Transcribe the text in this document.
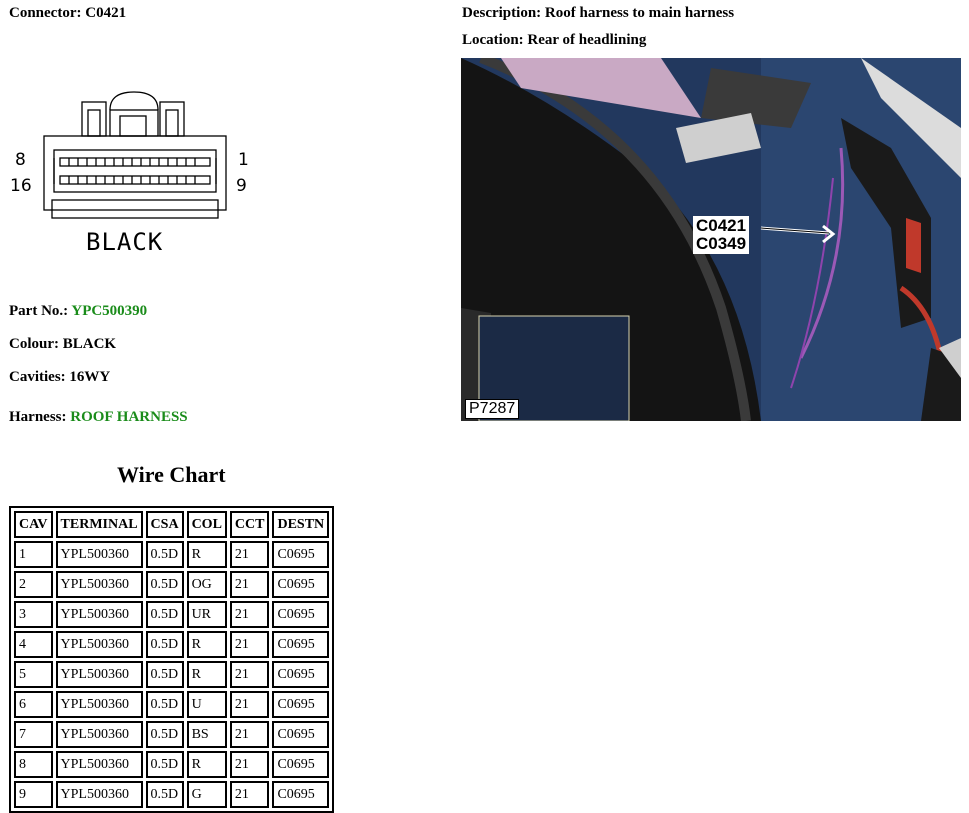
Connector: C0421	Description: Roof harness to main harness
Location: Rear of headlining
8
16
1
9
BLACK
Part No.: YPC500390
Colour: BLACK
Cavities: 16WY
Harness: ROOF HARNESS
C0421
C0349
P7287
Wire Chart
CAV	TERMINAL	CSA	COL	CCT	DESTN
1	YPL500360	0.5D	R	21	C0695
2	YPL500360	0.5D	OG	21	C0695
3	YPL500360	0.5D	UR	21	C0695
4	YPL500360	0.5D	R	21	C0695
5	YPL500360	0.5D	R	21	C0695
6	YPL500360	0.5D	U	21	C0695
7	YPL500360	0.5D	BS	21	C0695
8	YPL500360	0.5D	R	21	C0695
9	YPL500360	0.5D	G	21	C0695
